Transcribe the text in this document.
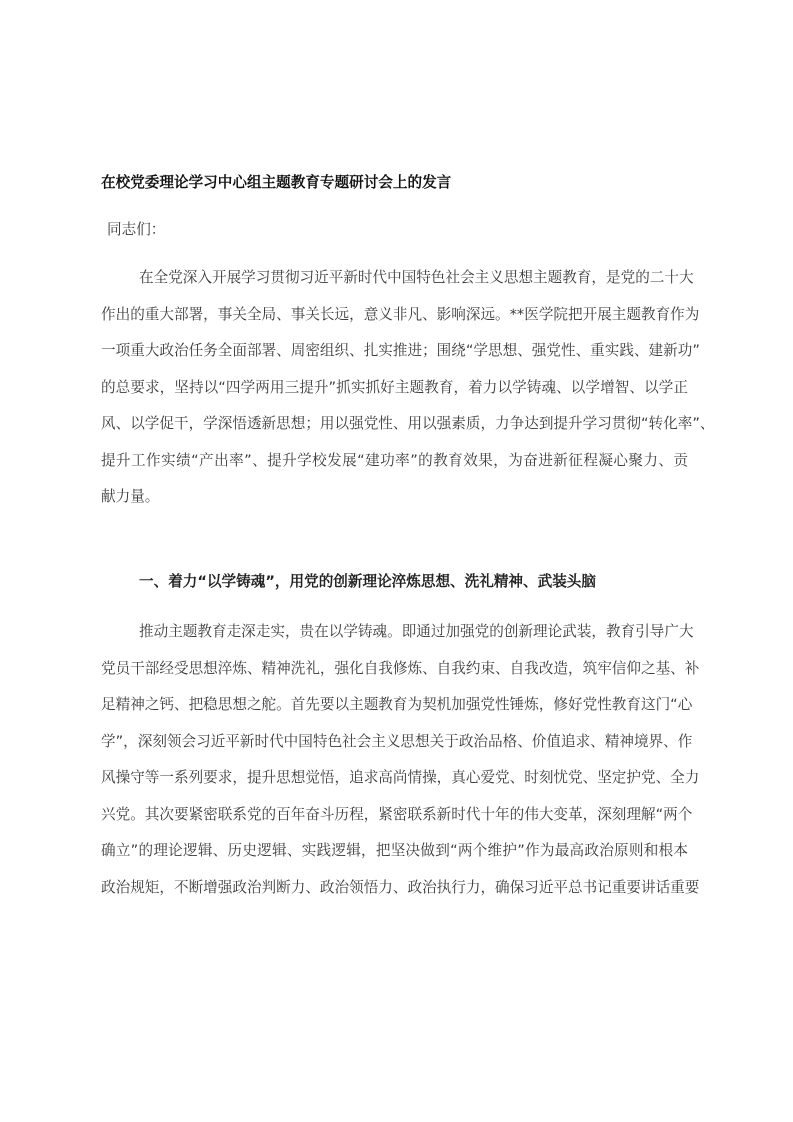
在校党委理论学习中心组主题教育专题研讨会上的发言
同志们：
在全党深入开展学习贯彻习近平新时代中国特色社会主义思想主题教育，是党的二十大
作出的重大部署，事关全局、事关长远，意义非凡、影响深远。**医学院把开展主题教育作为
一项重大政治任务全面部署、周密组织、扎实推进；围绕“学思想、强党性、重实践、建新功”
的总要求，坚持以“四学两用三提升”抓实抓好主题教育，着力以学铸魂、以学增智、以学正
风、以学促干，学深悟透新思想；用以强党性、用以强素质，力争达到提升学习贯彻“转化率”、
提升工作实绩“产出率”、提升学校发展“建功率”的教育效果，为奋进新征程凝心聚力、贡
献力量。
一、着力“以学铸魂”，用党的创新理论淬炼思想、洗礼精神、武装头脑
推动主题教育走深走实，贵在以学铸魂。即通过加强党的创新理论武装，教育引导广大
党员干部经受思想淬炼、精神洗礼，强化自我修炼、自我约束、自我改造，筑牢信仰之基、补
足精神之钙、把稳思想之舵。首先要以主题教育为契机加强党性锤炼，修好党性教育这门“心
学”，深刻领会习近平新时代中国特色社会主义思想关于政治品格、价值追求、精神境界、作
风操守等一系列要求，提升思想觉悟，追求高尚情操，真心爱党、时刻忧党、坚定护党、全力
兴党。其次要紧密联系党的百年奋斗历程，紧密联系新时代十年的伟大变革，深刻理解“两个
确立”的理论逻辑、历史逻辑、实践逻辑，把坚决做到“两个维护”作为最高政治原则和根本
政治规矩，不断增强政治判断力、政治领悟力、政治执行力，确保习近平总书记重要讲话重要
